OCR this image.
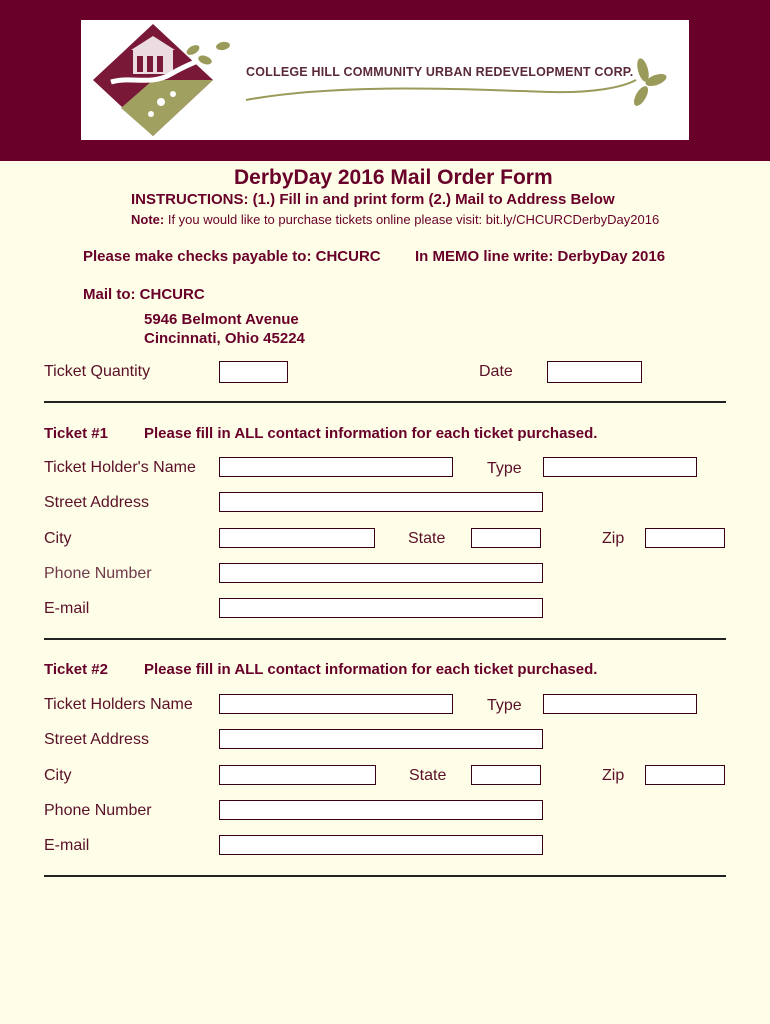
COLLEGE HILL COMMUNITY URBAN REDEVELOPMENT CORP.
DerbyDay 2016 Mail Order Form
INSTRUCTIONS: (1.) Fill in and print form (2.) Mail to Address Below
Note: If you would like to purchase tickets online please visit: bit.ly/CHCURCDerbyDay2016
Please make checks payable to: CHCURC In MEMO line write: DerbyDay 2016
Mail to: CHCURC
5946 Belmont Avenue
Cincinnati, Ohio 45224
Ticket Quantity	Date
Ticket #1 Please fill in ALL contact information for each ticket purchased.
Ticket Holder's Name	Type
Street Address
City	State	Zip
Phone Number
E-mail
Ticket #2 Please fill in ALL contact information for each ticket purchased.
Ticket Holders Name	Type
Street Address
City	State	Zip
Phone Number
E-mail
